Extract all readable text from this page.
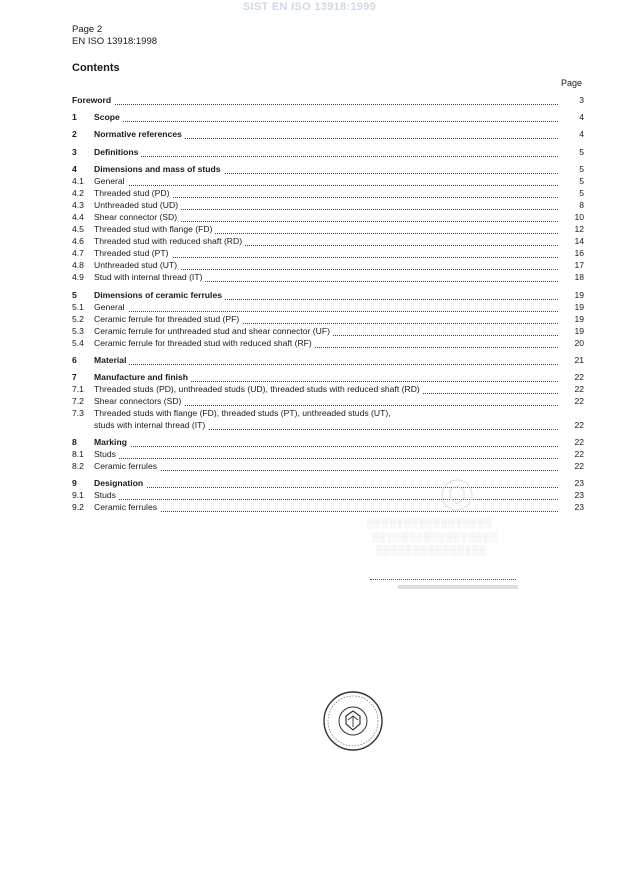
SIST EN ISO 13918:1999
Page 2
EN ISO 13918:1998
Contents
Page
Foreword	3
1 Scope	4
2 Normative references	4
3 Definitions	5
4 Dimensions and mass of studs	5
4.1 General	5
4.2 Threaded stud (PD)	5
4.3 Unthreaded stud (UD)	8
4.4 Shear connector (SD)	10
4.5 Threaded stud with flange (FD)	12
4.6 Threaded stud with reduced shaft (RD)	14
4.7 Threaded stud (PT)	16
4.8 Unthreaded stud (UT)	17
4.9 Stud with internal thread (IT)	18
5 Dimensions of ceramic ferrules	19
5.1 General	19
5.2 Ceramic ferrule for threaded stud (PF)	19
5.3 Ceramic ferrule for unthreaded stud and shear connector (UF)	19
5.4 Ceramic ferrule for threaded stud with reduced shaft (RF)	20
6 Material	21
7 Manufacture and finish	22
7.1 Threaded studs (PD), unthreaded studs (UD), threaded studs with reduced shaft (RD)	22
7.2 Shear connectors (SD)	22
7.3 Threaded studs with flange (FD), threaded studs (PT), unthreaded studs (UT),
studs with internal thread (IT)	22
8 Marking	22
8.1 Studs	22
8.2 Ceramic ferrules	22
9 Designation	23
9.1 Studs	23
9.2 Ceramic ferrules	23
░░░░░░░░░░░░░░░░░
░░░░░░░░░░░░░░░░░
░░░░░░░░░░░░░░░
